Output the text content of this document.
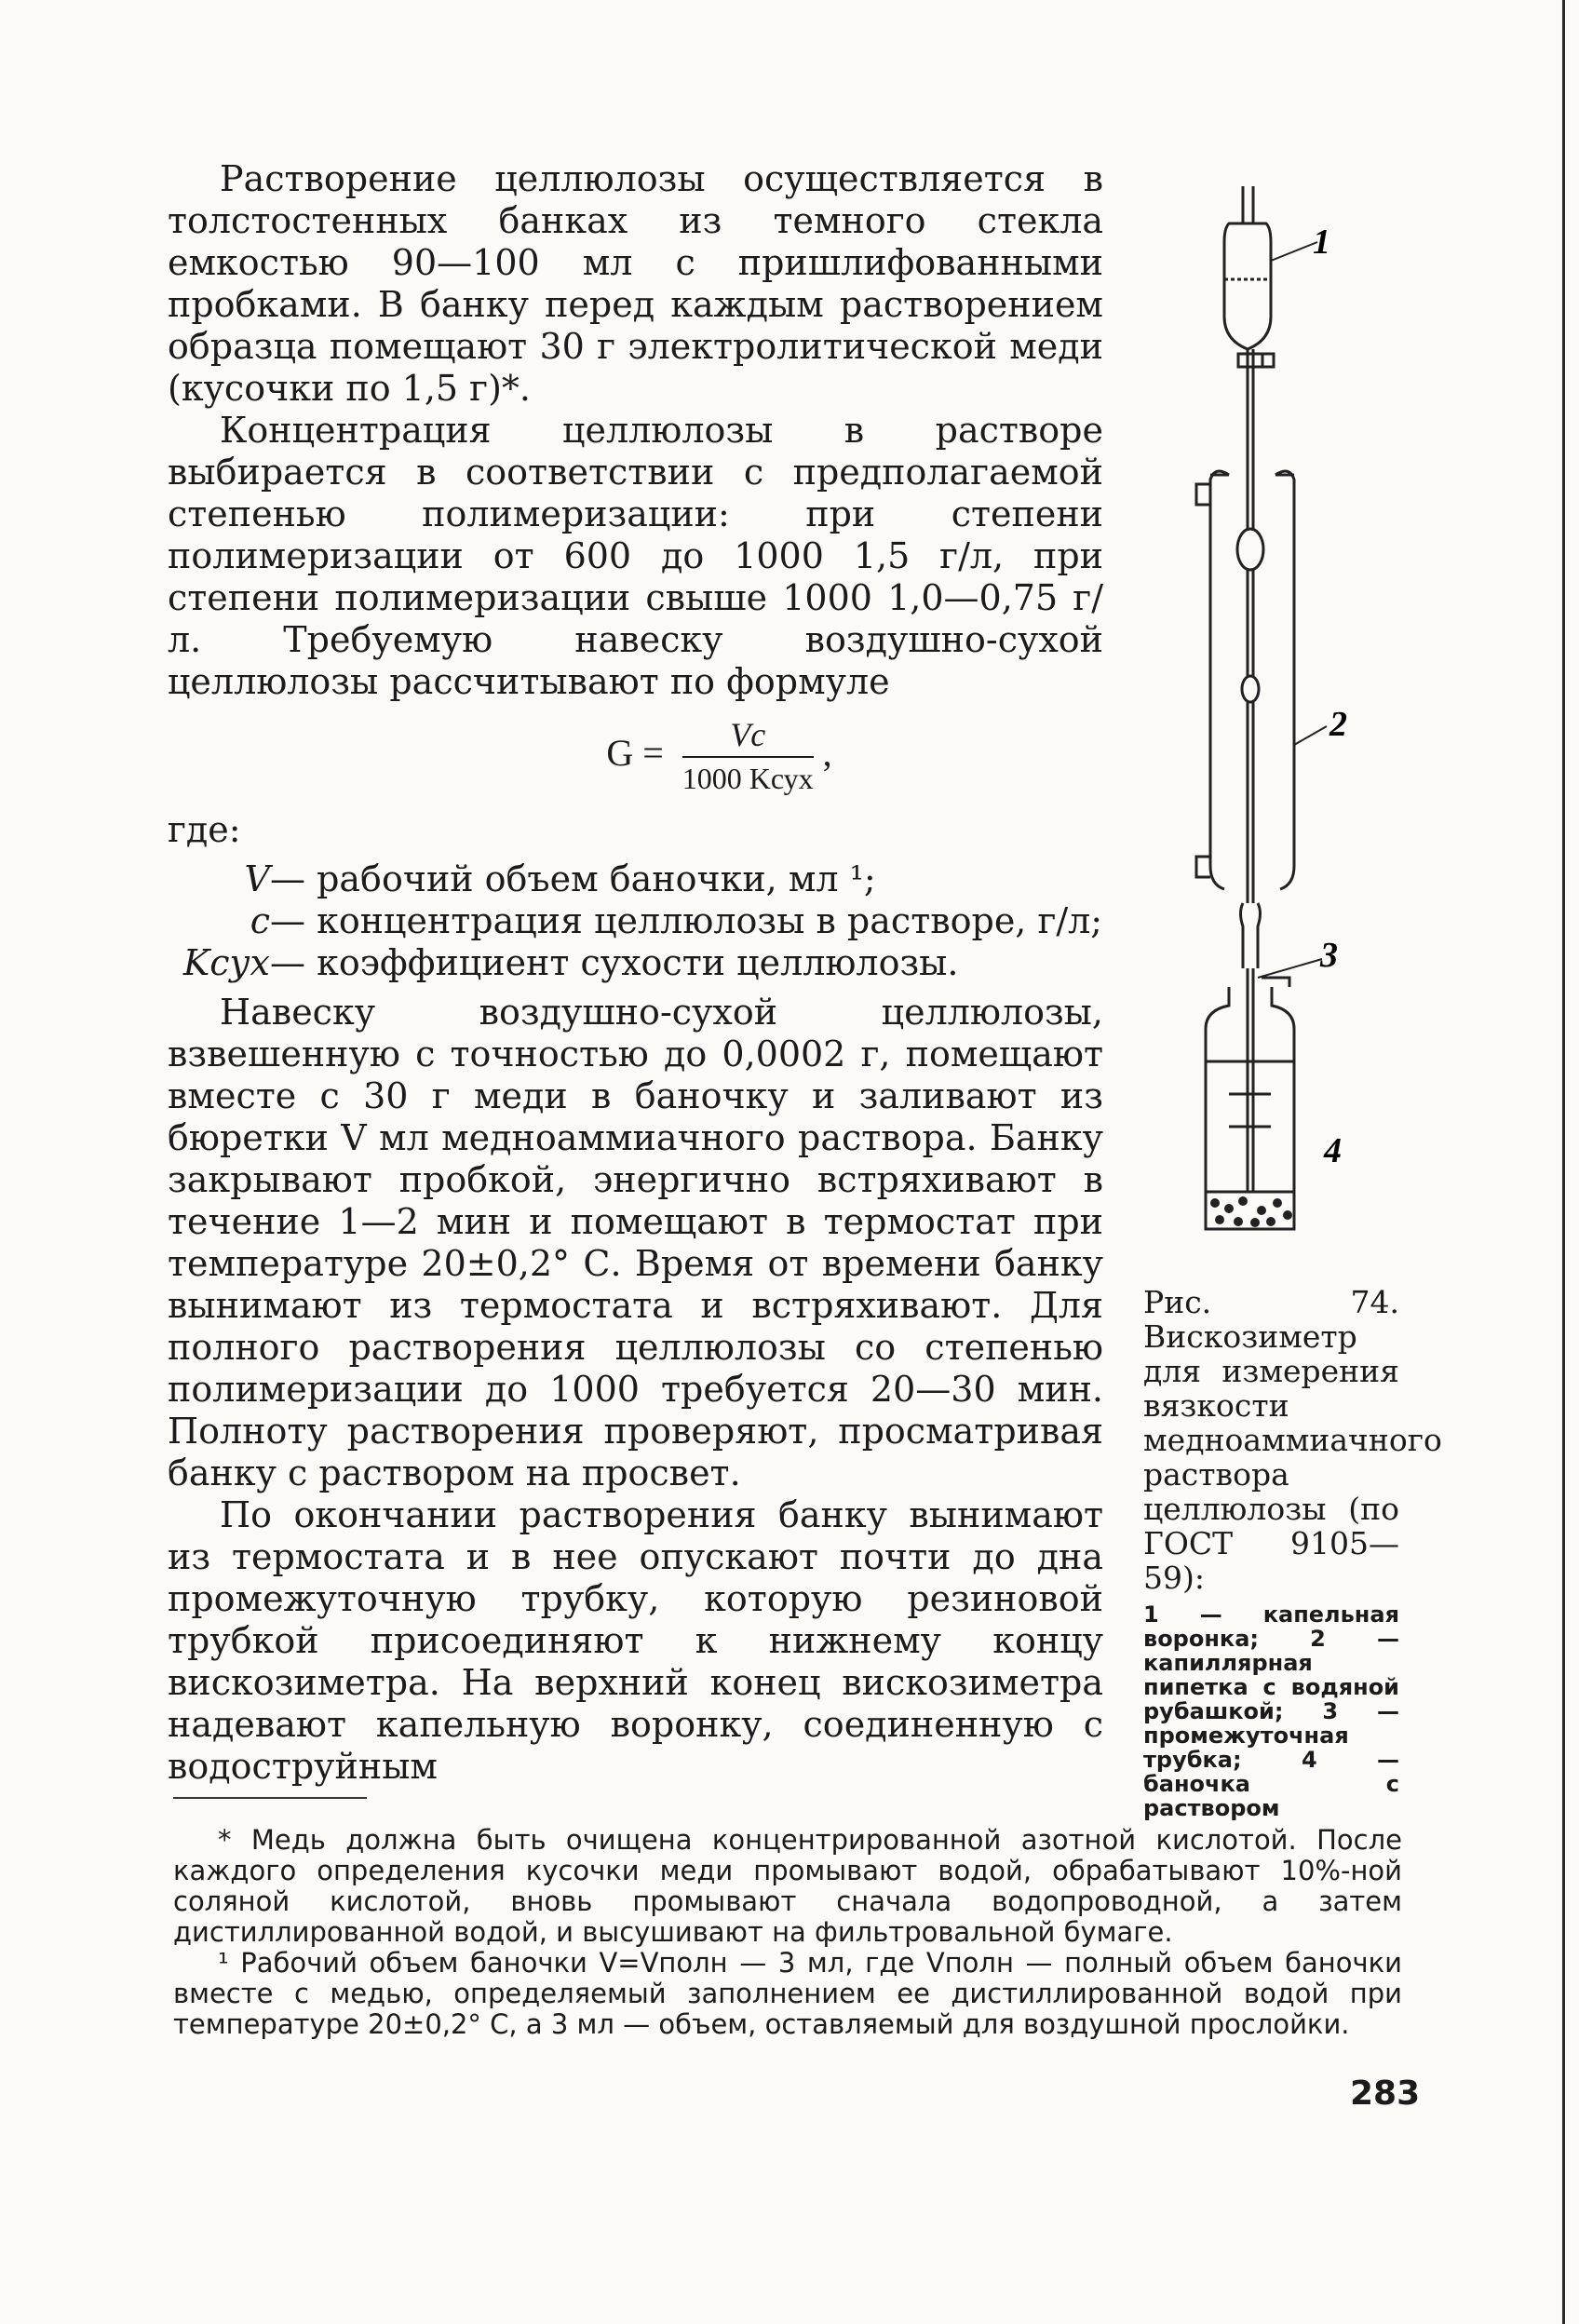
Растворение целлюлозы осуществляется в толстостенных банках из темного стекла емкостью 90—100 мл с пришлифованными пробками. В банку перед каждым растворением образца помещают 30 г электролитической меди (кусочки по 1,5 г)*.

Концентрация целлюлозы в растворе выбирается в соответствии с предполагаемой степенью полимеризации: при степени полимеризации от 600 до 1000 1,5 г/л, при степени полимеризации свыше 1000 1,0—0,75 г/л. Требуемую навеску воздушно-сухой целлюлозы рассчитывают по формуле

$G = \frac{Vc}{\text{1000 Kсух}}$ ,

где:

V — рабочий объем баночки, мл ¹;
c — концентрация целлюлозы в растворе, г/л;
Kсух — коэффициент сухости целлюлозы.

Навеску воздушно-сухой целлюлозы, взвешенную с точностью до 0,0002 г, помещают вместе с 30 г меди в баночку и заливают из бюретки V мл медноаммиачного раствора. Банку закрывают пробкой, энергично встряхивают в течение 1—2 мин и помещают в термостат при температуре 20±0,2° С. Время от времени банку вынимают из термостата и встряхивают. Для полного растворения целлюлозы со степенью полимеризации до 1000 требуется 20—30 мин. Полноту растворения проверяют, просматривая банку с раствором на просвет.

По окончании растворения банку вынимают из термостата и в нее опускают почти до дна промежуточную трубку, которую резиновой трубкой присоединяют к нижнему концу вискозиметра. На верхний конец вискозиметра надевают капельную воронку, соединенную с водоструйным

1
2
3
4
Рис. 74. Вискозиметр для измерения вязкости медноаммиачного раствора целлюлозы (по ГОСТ 9105—59):
1 — капельная воронка; 2 — капиллярная пипетка с водяной рубашкой; 3 — промежуточная трубка; 4 — баночка с раствором

* Медь должна быть очищена концентрированной азотной кислотой. После каждого определения кусочки меди промывают водой, обрабатывают 10%-ной соляной кислотой, вновь промывают сначала водопроводной, а затем дистиллированной водой, и высушивают на фильтровальной бумаге.

¹ Рабочий объем баночки V=Vполн — 3 мл, где Vполн — полный объем баночки вместе с медью, определяемый заполнением ее дистиллированной водой при температуре 20±0,2° С, а 3 мл — объем, оставляемый для воздушной прослойки.

283
